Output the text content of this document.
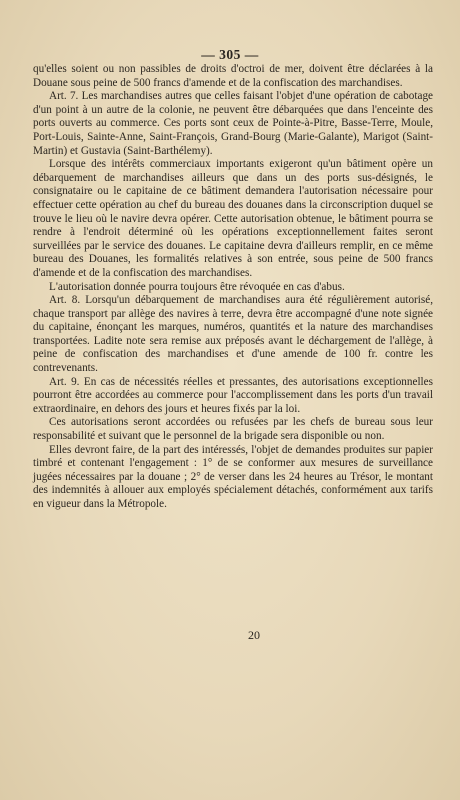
— 305 —

qu'elles soient ou non passibles de droits d'octroi de mer, doivent être déclarées à la Douane sous peine de 500 francs d'amende et de la confiscation des marchandises.

Art. 7. Les marchandises autres que celles faisant l'objet d'une opération de cabotage d'un point à un autre de la colonie, ne peuvent être débarquées que dans l'enceinte des ports ouverts au commerce. Ces ports sont ceux de Pointe-à-Pitre, Basse-Terre, Moule, Port-Louis, Sainte-Anne, Saint-François, Grand-Bourg (Marie-Galante), Marigot (Saint-Martin) et Gustavia (Saint-Barthélemy).

Lorsque des intérêts commerciaux importants exigeront qu'un bâtiment opère un débarquement de marchandises ailleurs que dans un des ports sus-désignés, le consignataire ou le capitaine de ce bâtiment demandera l'autorisation nécessaire pour effectuer cette opération au chef du bureau des douanes dans la circonscription duquel se trouve le lieu où le navire devra opérer. Cette autorisation obtenue, le bâtiment pourra se rendre à l'endroit déterminé où les opérations exceptionnellement faites seront surveillées par le service des douanes. Le capitaine devra d'ailleurs remplir, en ce même bureau des Douanes, les formalités relatives à son entrée, sous peine de 500 francs d'amende et de la confiscation des marchandises.

L'autorisation donnée pourra toujours être révoquée en cas d'abus.

Art. 8. Lorsqu'un débarquement de marchandises aura été régulièrement autorisé, chaque transport par allège des navires à terre, devra être accompagné d'une note signée du capitaine, énonçant les marques, numéros, quantités et la nature des marchandises transportées. Ladite note sera remise aux préposés avant le déchargement de l'allège, à peine de confiscation des marchandises et d'une amende de 100 fr. contre les contrevenants.

Art. 9. En cas de nécessités réelles et pressantes, des autorisations exceptionnelles pourront être accordées au commerce pour l'accomplissement dans les ports d'un travail extraordinaire, en dehors des jours et heures fixés par la loi.

Ces autorisations seront accordées ou refusées par les chefs de bureau sous leur responsabilité et suivant que le personnel de la brigade sera disponible ou non.

Elles devront faire, de la part des intéressés, l'objet de demandes produites sur papier timbré et contenant l'engagement : 1° de se conformer aux mesures de surveillance jugées nécessaires par la douane ; 2° de verser dans les 24 heures au Trésor, le montant des indemnités à allouer aux employés spécialement détachés, conformément aux tarifs en vigueur dans la Métropole.

20
